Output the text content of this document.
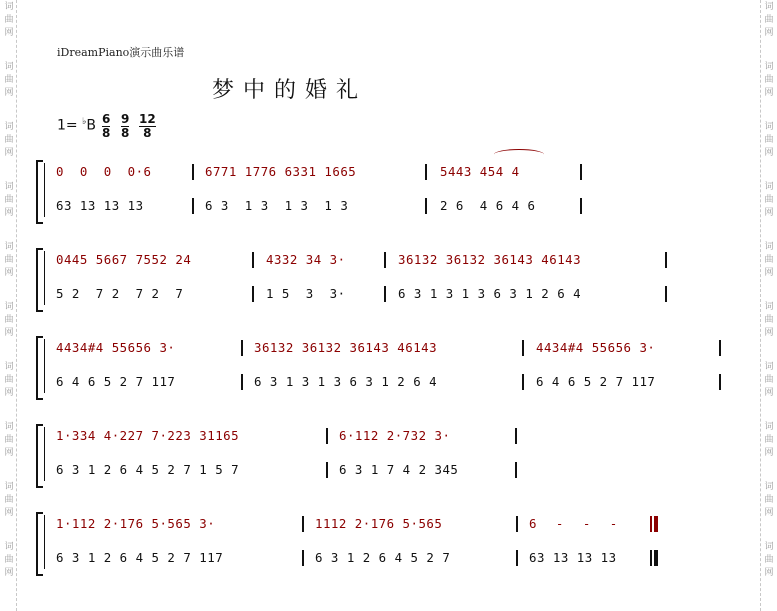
词
曲
网
词
曲
网
词
曲
网
词
曲
网
词
曲
网
词
曲
网
词
曲
网
词
曲
网
词
曲
网
词
曲
网
词
曲
网
词
曲
网
词
曲
网
词
曲
网
词
曲
网
词
曲
网
词
曲
网
词
曲
网
词
曲
网
词
曲
网
iDreamPiano演示曲乐谱
梦中的婚礼
$1= ^♭B \frac{6}{8} \frac{9}{8} \frac{12}{8}$
0  0  0  0·6	6771 1776 6331 1665	5443 454 4
63 13 13 13	6 3  1 3  1 3  1 3	2 6  4 6 4 6
0445 5667 7552 24	4332 34 3·	36132 36132 36143 46143
5 2  7 2  7 2  7	1 5  3  3·	6 3 1 3 1 3 6 3 1 2 6 4
4434#4 55656 3·	36132 36132 36143 46143	4434#4 55656 3·
6 4 6 5 2 7 117	6 3 1 3 1 3 6 3 1 2 6 4	6 4 6 5 2 7 117
1·334 4·227 7·223 31165	6·112 2·732 3·
6 3 1 2 6 4 5 2 7 1 5 7	6 3 1 7 4 2 345
1·112 2·176 5·565 3·	1112 2·176 5·565	6 - - -
6 3 1 2 6 4 5 2 7 117	6 3 1 2 6 4 5 2 7	63 13 13 13
